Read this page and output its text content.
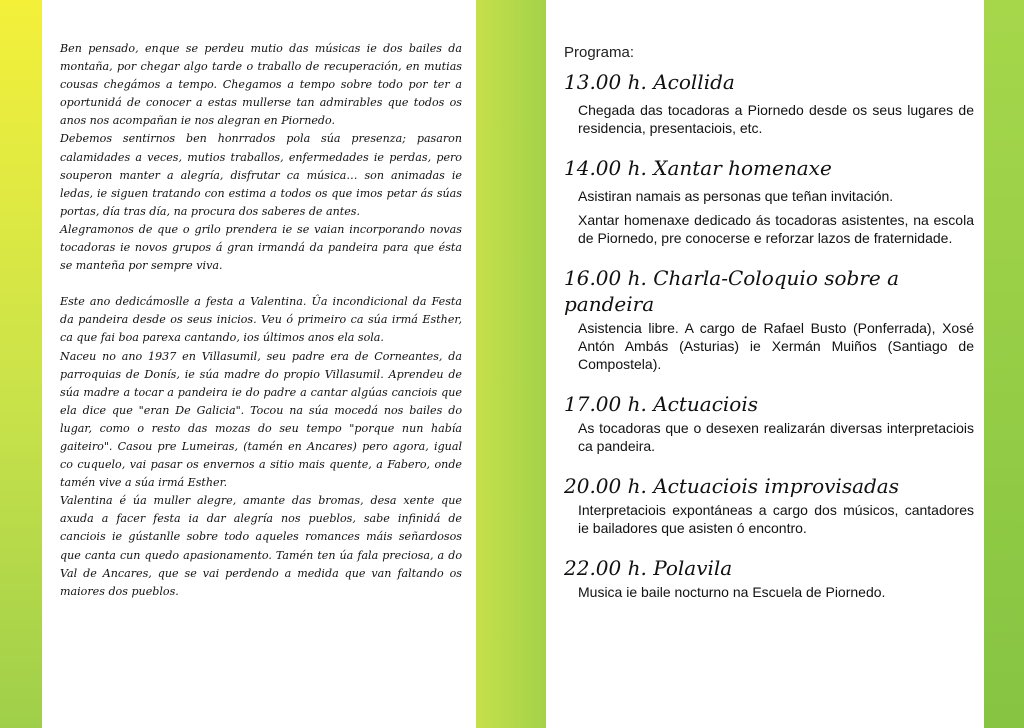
Ben pensado, enque se perdeu mutio das músicas ie dos bailes da montaña, por chegar algo tarde o traballo de recuperación, en mutias cousas chegámos a tempo. Chegamos a tempo sobre todo por ter a oportunidá de conocer a estas mullerse tan admirables que todos os anos nos acompañan ie nos alegran en Piornedo.

Debemos sentirnos ben honrrados pola súa presenza; pasaron calamidades a veces, mutios traballos, enfermedades ie perdas, pero souperon manter a alegría, disfrutar ca música… son animadas ie ledas, ie siguen tratando con estima a todos os que imos petar ás súas portas, día tras día, na procura dos saberes de antes.

Alegramonos de que o grilo prendera ie se vaian incorporando novas tocadoras ie novos grupos á gran irmandá da pandeira para que ésta se manteña por sempre viva.

Este ano dedicámoslle a festa a Valentina. Ûa incondicional da Festa da pandeira desde os seus inicios. Veu ó primeiro ca súa irmá Esther, ca que fai boa parexa cantando, ios últimos anos ela sola.

Naceu no ano 1937 en Villasumil, seu padre era de Corneantes, da parroquias de Donís, ie súa madre do propio Villasumil. Aprendeu de súa madre a tocar a pandeira ie do padre a cantar algúas canciois que ela dice que "eran De Galicia". Tocou na súa mocedá nos bailes do lugar, como o resto das mozas do seu tempo "porque nun había gaiteiro". Casou pre Lumeiras, (tamén en Ancares) pero agora, igual co cuquelo, vai pasar os envernos a sitio mais quente, a Fabero, onde tamén vive a súa irmá Esther.

Valentina é úa muller alegre, amante das bromas, desa xente que axuda a facer festa ia dar alegría nos pueblos, sabe infinidá de canciois ie gústanlle sobre todo aqueles romances máis señardosos que canta cun quedo apasionamento. Tamén ten úa fala preciosa, a do Val de Ancares, que se vai perdendo a medida que van faltando os maiores dos pueblos.

Programa:
13.00 h. Acollida
Chegada das tocadoras a Piornedo desde os seus lugares de residencia, presentaciois, etc.
14.00 h. Xantar homenaxe
Asistiran namais as personas que teñan invitación.
Xantar homenaxe dedicado ás tocadoras asistentes, na escola de Piornedo, pre conocerse e reforzar lazos de fraternidade.
16.00 h. Charla-Coloquio sobre a pandeira
Asistencia libre. A cargo de Rafael Busto (Ponferrada), Xosé Antón Ambás (Asturias) ie Xermán Muiños (Santiago de Compostela).
17.00 h. Actuaciois
As tocadoras que o desexen realizarán diversas interpretaciois ca pandeira.
20.00 h. Actuaciois improvisadas
Interpretaciois expontáneas a cargo dos músicos, cantadores ie bailadores que asisten ó encontro.
22.00 h. Polavila
Musica ie baile nocturno na Escuela de Piornedo.
